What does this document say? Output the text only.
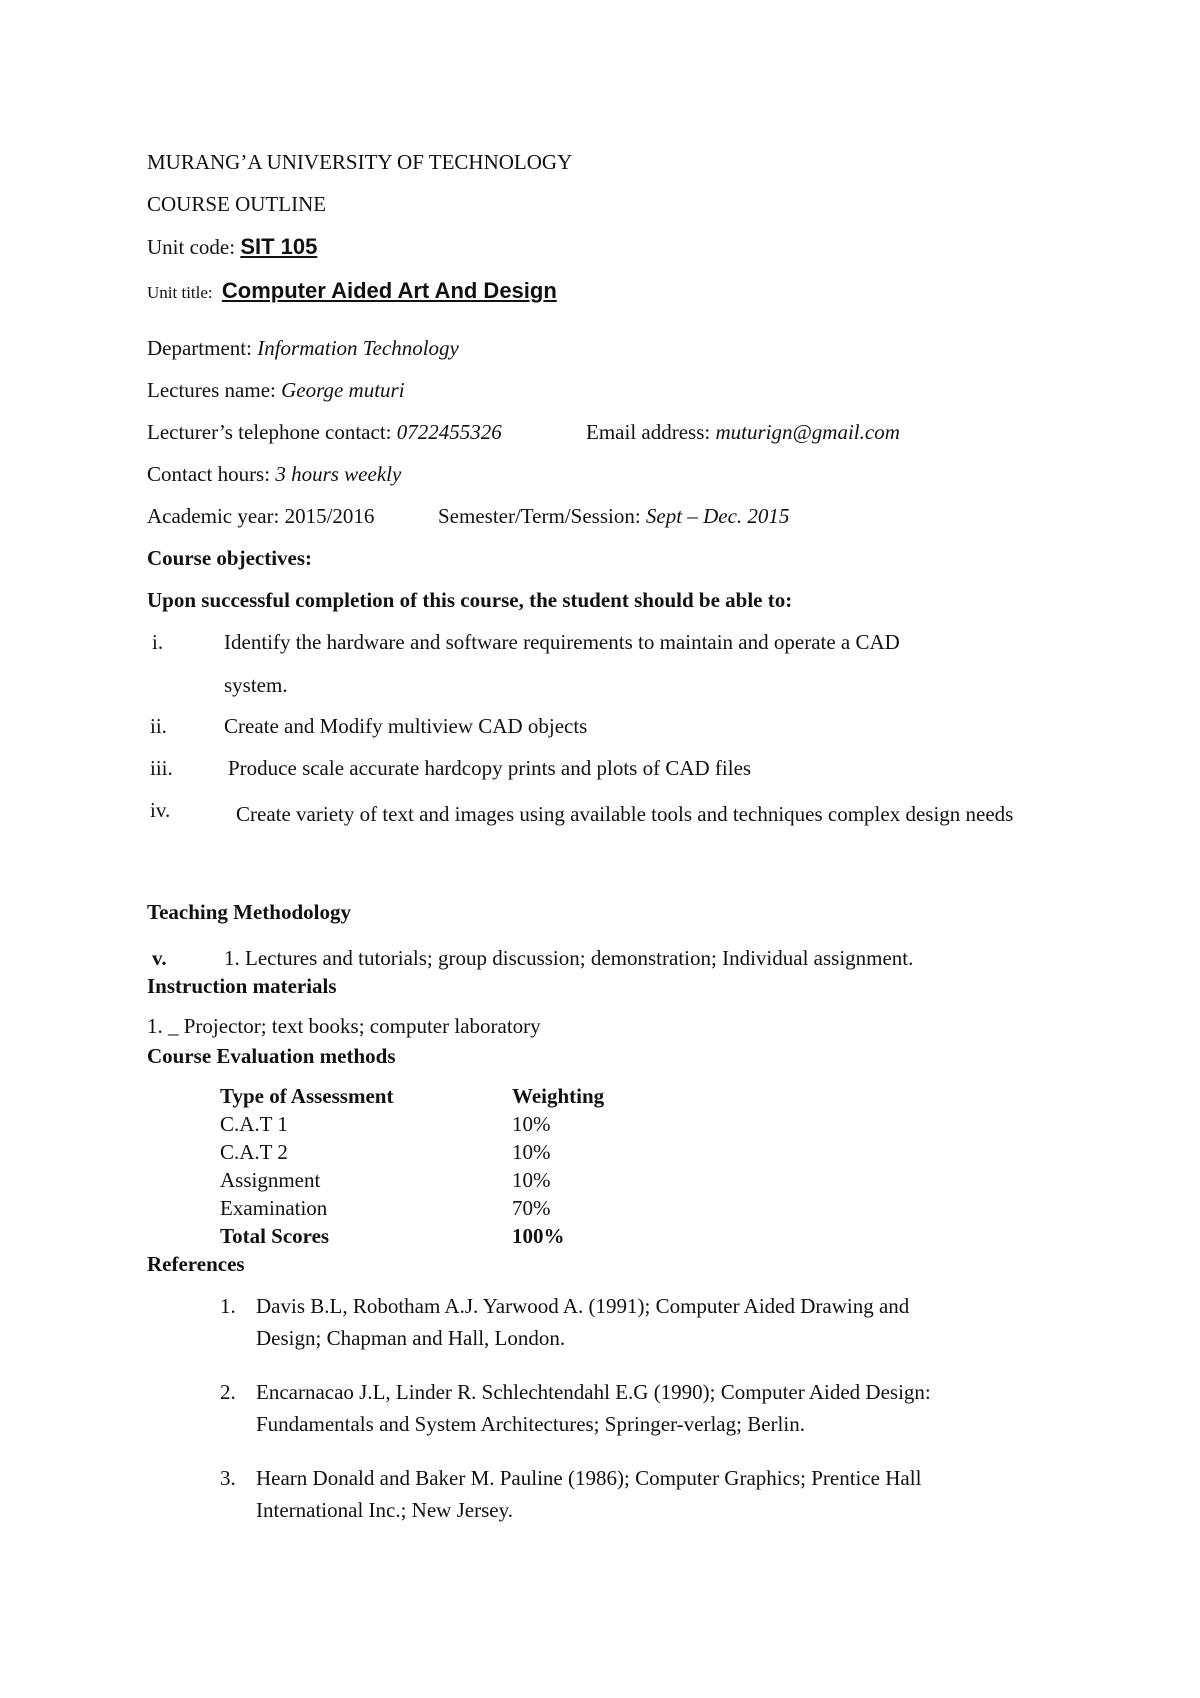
MURANG’A UNIVERSITY OF TECHNOLOGY
COURSE OUTLINE
Unit code: SIT 105
Unit title: Computer Aided Art And Design
Department: Information Technology
Lectures name: George muturi
Lecturer’s telephone contact: 0722455326	Email address: muturign@gmail.com
Contact hours: 3 hours weekly
Academic year: 2015/2016	Semester/Term/Session: Sept – Dec. 2015
Course objectives:
Upon successful completion of this course, the student should be able to:
i.	Identify the hardware and software requirements to maintain and operate a CAD
system.
ii.	Create and Modify multiview CAD objects
iii.	Produce scale accurate hardcopy prints and plots of CAD files
iv.	Create variety of text and images using available tools and techniques complex design needs
Teaching Methodology
v.	1. Lectures and tutorials; group discussion; demonstration; Individual assignment.
Instruction materials
1. _ Projector; text books; computer laboratory
Course Evaluation methods
Type of Assessment	Weighting
C.A.T 1	10%
C.A.T 2	10%
Assignment	10%
Examination	70%
Total Scores	100%
References
1. Davis B.L, Robotham A.J. Yarwood A. (1991); Computer Aided Drawing and
Design; Chapman and Hall, London.
2. Encarnacao J.L, Linder R. Schlechtendahl E.G (1990); Computer Aided Design:
Fundamentals and System Architectures; Springer-verlag; Berlin.
3. Hearn Donald and Baker M. Pauline (1986); Computer Graphics; Prentice Hall
International Inc.; New Jersey.
